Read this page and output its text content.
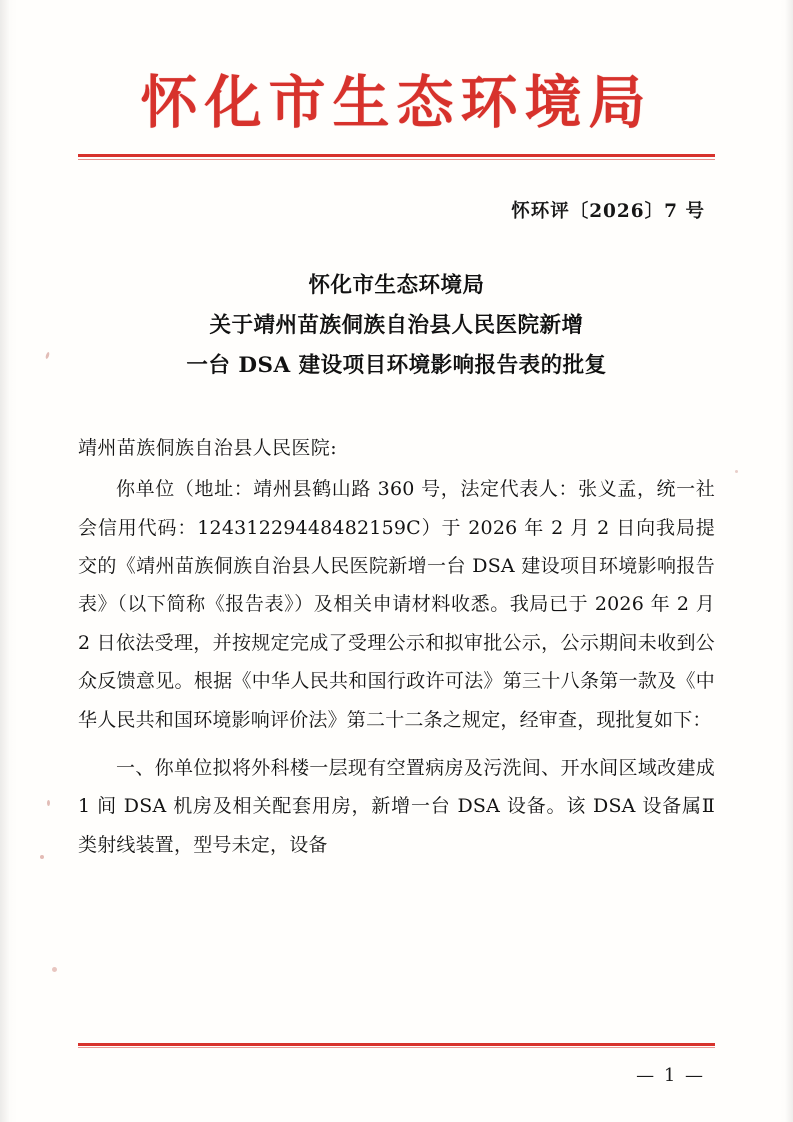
怀化市生态环境局
怀环评〔2026〕7 号
怀化市生态环境局
关于靖州苗族侗族自治县人民医院新增
一台 DSA 建设项目环境影响报告表的批复
靖州苗族侗族自治县人民医院:
你单位（地址：靖州县鹤山路 360 号，法定代表人：张义孟，统一社会信用代码：12431229448482159C）于 2026 年 2 月 2 日向我局提交的《靖州苗族侗族自治县人民医院新增一台 DSA 建设项目环境影响报告表》（以下简称《报告表》）及相关申请材料收悉。我局已于 2026 年 2 月 2 日依法受理，并按规定完成了受理公示和拟审批公示，公示期间未收到公众反馈意见。根据《中华人民共和国行政许可法》第三十八条第一款及《中华人民共和国环境影响评价法》第二十二条之规定，经审查，现批复如下：
一、你单位拟将外科楼一层现有空置病房及污洗间、开水间区域改建成 1 间 DSA 机房及相关配套用房，新增一台 DSA 设备。该 DSA 设备属Ⅱ类射线装置，型号未定，设备
— 1 —
